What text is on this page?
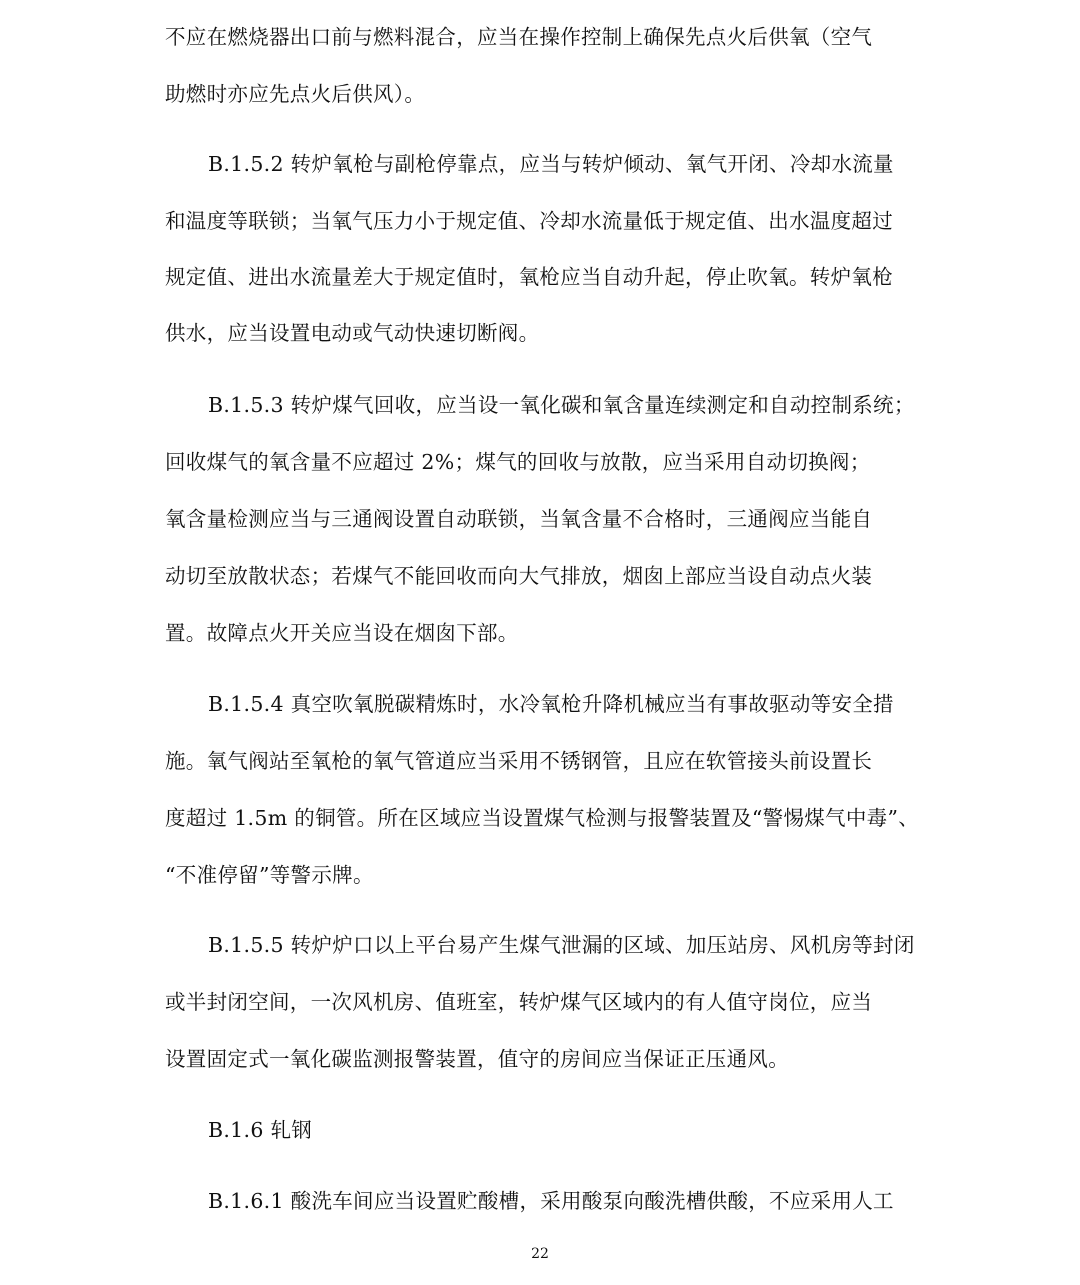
不应在燃烧器出口前与燃料混合，应当在操作控制上确保先点火后供氧（空气
助燃时亦应先点火后供风）。
B.1.5.2 转炉氧枪与副枪停靠点，应当与转炉倾动、氧气开闭、冷却水流量
和温度等联锁；当氧气压力小于规定值、冷却水流量低于规定值、出水温度超过
规定值、进出水流量差大于规定值时，氧枪应当自动升起，停止吹氧。转炉氧枪
供水，应当设置电动或气动快速切断阀。
B.1.5.3 转炉煤气回收，应当设一氧化碳和氧含量连续测定和自动控制系统；
回收煤气的氧含量不应超过 2%；煤气的回收与放散，应当采用自动切换阀；
氧含量检测应当与三通阀设置自动联锁，当氧含量不合格时，三通阀应当能自
动切至放散状态；若煤气不能回收而向大气排放，烟囱上部应当设自动点火装
置。故障点火开关应当设在烟囱下部。
B.1.5.4 真空吹氧脱碳精炼时，水冷氧枪升降机械应当有事故驱动等安全措
施。氧气阀站至氧枪的氧气管道应当采用不锈钢管，且应在软管接头前设置长
度超过 1.5m 的铜管。所在区域应当设置煤气检测与报警装置及“警惕煤气中毒”、
“不准停留”等警示牌。
B.1.5.5 转炉炉口以上平台易产生煤气泄漏的区域、加压站房、风机房等封闭
或半封闭空间，一次风机房、值班室，转炉煤气区域内的有人值守岗位，应当
设置固定式一氧化碳监测报警装置，值守的房间应当保证正压通风。
B.1.6 轧钢
B.1.6.1 酸洗车间应当设置贮酸槽，采用酸泵向酸洗槽供酸，不应采用人工
22
